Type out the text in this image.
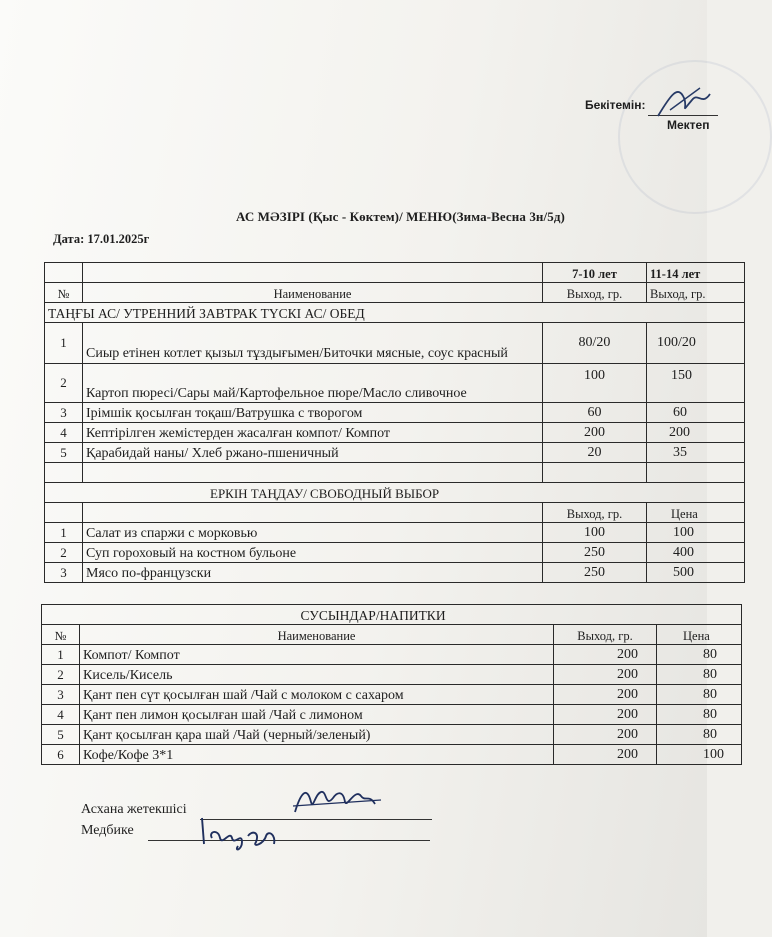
Бекітемін:
Мектеп
АС МӘЗІРІ (Қыс - Көктем)/ МЕНЮ(Зима-Весна 3н/5д)
Дата: 17.01.2025г
		7-10 лет	11-14 лет
№	Наименование	Выход, гр.	Выход, гр.
ТАҢҒЫ АС/ УТРЕННИЙ ЗАВТРАК ТҮСКІ АС/ ОБЕД			
1	Сиыр етінен котлет қызыл тұздығымен/Биточки мясные, соус красный	80/20	100/20
2	Картоп пюресі/Сары май/Картофельное пюре/Масло сливочное	100	150
3	Ірімшік қосылған тоқаш/Ватрушка с творогом	60	60
4	Кептірілген жемістерден жасалған компот/ Компот	200	200
5	Қарабидай наны/ Хлеб ржано-пшеничный	20	35

ЕРКІН ТАҢДАУ/ СВОБОДНЫЙ ВЫБОР			
		Выход, гр.	Цена
1	Салат из спаржи с морковью	100	100
2	Суп гороховый на костном бульоне	250	400
3	Мясо по-французски	250	500
СУСЫНДАР/НАПИТКИ			
№	Наименование	Выход, гр.	Цена
1	Компот/ Компот	200	80
2	Кисель/Кисель	200	80
3	Қант пен сүт қосылған шай /Чай с молоком с сахаром	200	80
4	Қант пен лимон қосылған шай /Чай с лимоном	200	80
5	Қант қосылған қара шай /Чай (черный/зеленый)	200	80
6	Кофе/Кофе 3*1	200	100
Асхана жетекшісі
Медбике
